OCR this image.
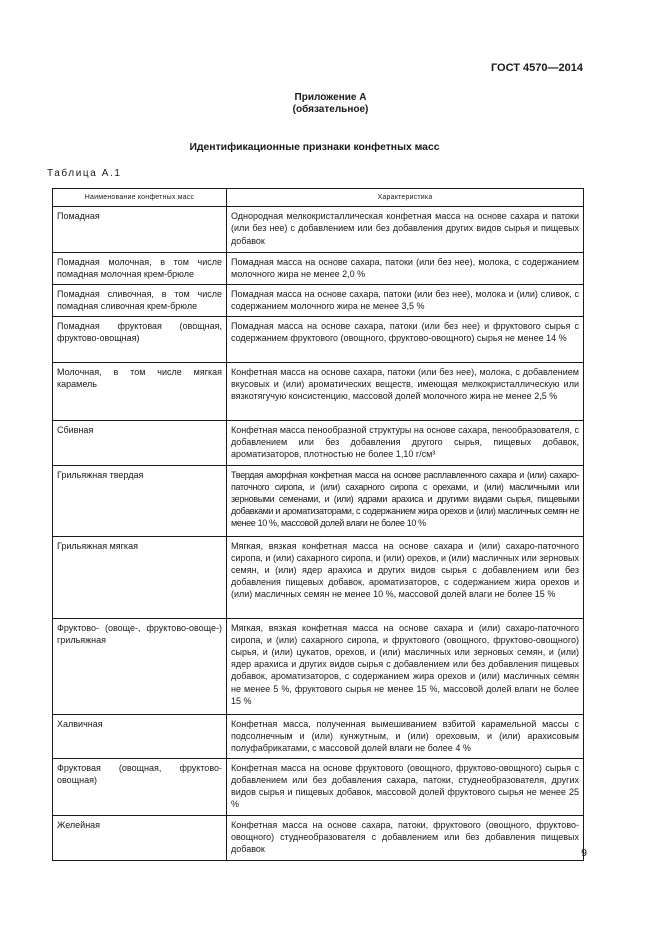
ГОСТ 4570—2014
Приложение А
(обязательное)
Идентификационные признаки конфетных масс
Таблица А.1
Наименование конфетных масс	Характеристика
Помадная	Однородная мелкокристаллическая конфетная масса на основе сахара и патоки (или без нее) с добавлением или без добавления других видов сырья и пищевых добавок
Помадная молочная, в том числе помадная молочная крем-брюле	Помадная масса на основе сахара, патоки (или без нее), молока, с содержанием молочного жира не менее 2,0 %
Помадная сливочная, в том числе помадная сливочная крем-брюле	Помадная масса на основе сахара, патоки (или без нее), молока и (или) сливок, с содержанием молочного жира не менее 3,5 %
Помадная фруктовая (овощная, фруктово-овощная)	Помадная масса на основе сахара, патоки (или без нее) и фруктового сырья с содержанием фруктового (овощного, фруктово-овощного) сырья не менее 14 %
Молочная, в том числе мягкая карамель	Конфетная масса на основе сахара, патоки (или без нее), молока, с добавлением вкусовых и (или) ароматических веществ, имеющая мелкокристаллическую или вязкотягучую консистенцию, массовой долей молочного жира не менее 2,5 %
Сбивная	Конфетная масса пенообразной структуры на основе сахара, пенообразователя, с добавлением или без добавления другого сырья, пищевых добавок, ароматизаторов, плотностью не более 1,10 г/см³
Грильяжная твердая	Твердая аморфная конфетная масса на основе расплавленного сахара и (или) сахаро-паточного сиропа, и (или) сахарного сиропа с орехами, и (или) масличными или зерновыми семенами, и (или) ядрами арахиса и другими видами сырья, пищевыми добавками и ароматизаторами, с содержанием жира орехов и (или) масличных семян не менее 10 %, массовой долей влаги не более 10 %
Грильяжная мягкая	Мягкая, вязкая конфетная масса на основе сахара и (или) сахаро-паточного сиропа, и (или) сахарного сиропа, и (или) орехов, и (или) масличных или зерновых семян, и (или) ядер арахиса и других видов сырья с добавлением или без добавления пищевых добавок, ароматизаторов, с содержанием жира орехов и (или) масличных семян не менее 10 %, массовой долей влаги не более 15 %
Фруктово- (овоще-, фруктово-овоще-) грильяжная	Мягкая, вязкая конфетная масса на основе сахара и (или) сахаро-паточного сиропа, и (или) сахарного сиропа, и фруктового (овощного, фруктово-овощного) сырья, и (или) цукатов, орехов, и (или) масличных или зерновых семян, и (или) ядер арахиса и других видов сырья с добавлением или без добавления пищевых добавок, ароматизаторов, с содержанием жира орехов и (или) масличных семян не менее 5 %, фруктового сырья не менее 15 %, массовой долей влаги не более 15 %
Халвичная	Конфетная масса, полученная вымешиванием взбитой карамельной массы с подсолнечным и (или) кунжутным, и (или) ореховым, и (или) арахисовым полуфабрикатами, с массовой долей влаги не более 4 %
Фруктовая (овощная, фруктово-овощная)	Конфетная масса на основе фруктового (овощного, фруктово-овощного) сырья с добавлением или без добавления сахара, патоки, студнеобразователя, других видов сырья и пищевых добавок, массовой долей фруктового сырья не менее 25 %
Желейная	Конфетная масса на основе сахара, патоки, фруктового (овощного, фруктово-овощного) студнеобразователя с добавлением или без добавления пищевых добавок	9
